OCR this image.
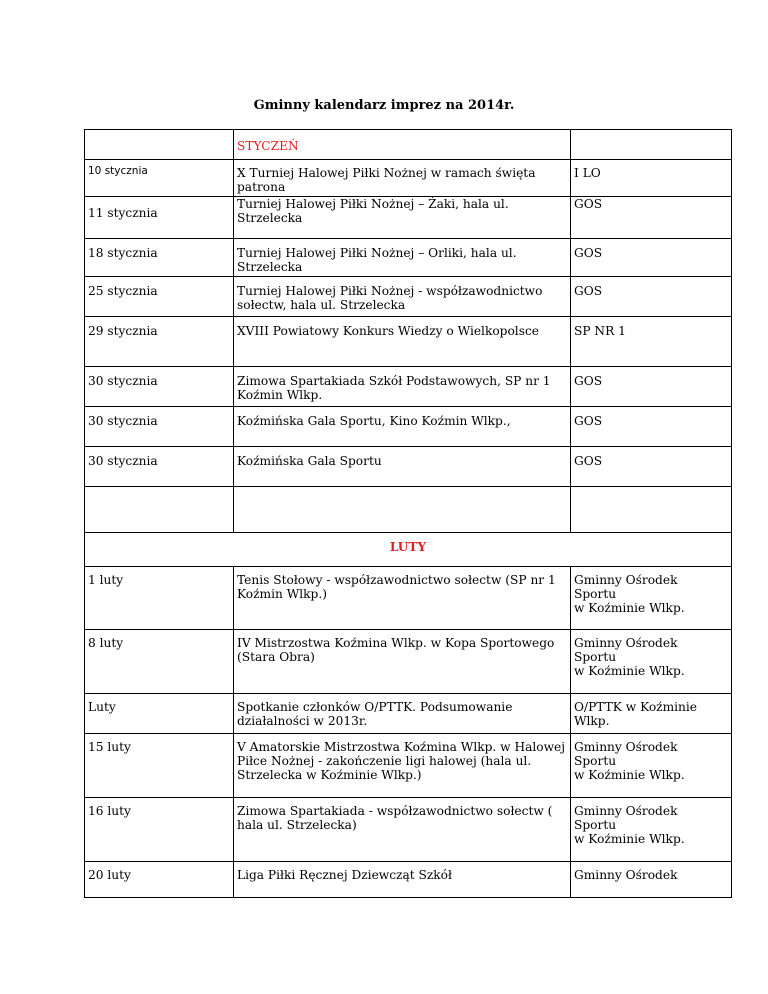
Gminny kalendarz imprez na 2014r.
	STYCZEŃ	
10 stycznia	X Turniej Halowej Piłki Nożnej w ramach święta patrona	I LO
11 stycznia	Turniej Halowej Piłki Nożnej – Żaki, hala ul. Strzelecka	GOS
18 stycznia	Turniej Halowej Piłki Nożnej – Orliki, hala ul. Strzelecka	GOS
25 stycznia	Turniej Halowej Piłki Nożnej - współzawodnictwo sołectw, hala ul. Strzelecka	GOS
29 stycznia	XVIII Powiatowy Konkurs Wiedzy o Wielkopolsce	SP NR 1
30 stycznia	Zimowa Spartakiada Szkół Podstawowych, SP nr 1 Koźmin Wlkp.	GOS
30 stycznia	Koźmińska Gala Sportu, Kino Koźmin Wlkp.,	GOS
30 stycznia	Koźmińska Gala Sportu	GOS

LUTY		
1 luty	Tenis Stołowy - współzawodnictwo sołectw (SP nr 1 Koźmin Wlkp.)	Gminny Ośrodek
Sportu
w Koźminie Wlkp.

8 luty	IV Mistrzostwa Koźmina Wlkp. w Kopa Sportowego (Stara Obra)	Gminny Ośrodek
Sportu
w Koźminie Wlkp.

Luty	Spotkanie członków O/PTTK. Podsumowanie działalności w 2013r.	O/PTTK w Koźminie Wlkp.

15 luty	V Amatorskie Mistrzostwa Koźmina Wlkp. w Halowej Piłce Nożnej - zakończenie ligi halowej (hala ul. Strzelecka w Koźminie Wlkp.)	Gminny Ośrodek
Sportu
w Koźminie Wlkp.

16 luty	Zimowa Spartakiada - współzawodnictwo sołectw ( hala ul. Strzelecka)	Gminny Ośrodek
Sportu
w Koźminie Wlkp.

20 luty	Liga Piłki Ręcznej Dziewcząt Szkół	Gminny Ośrodek
